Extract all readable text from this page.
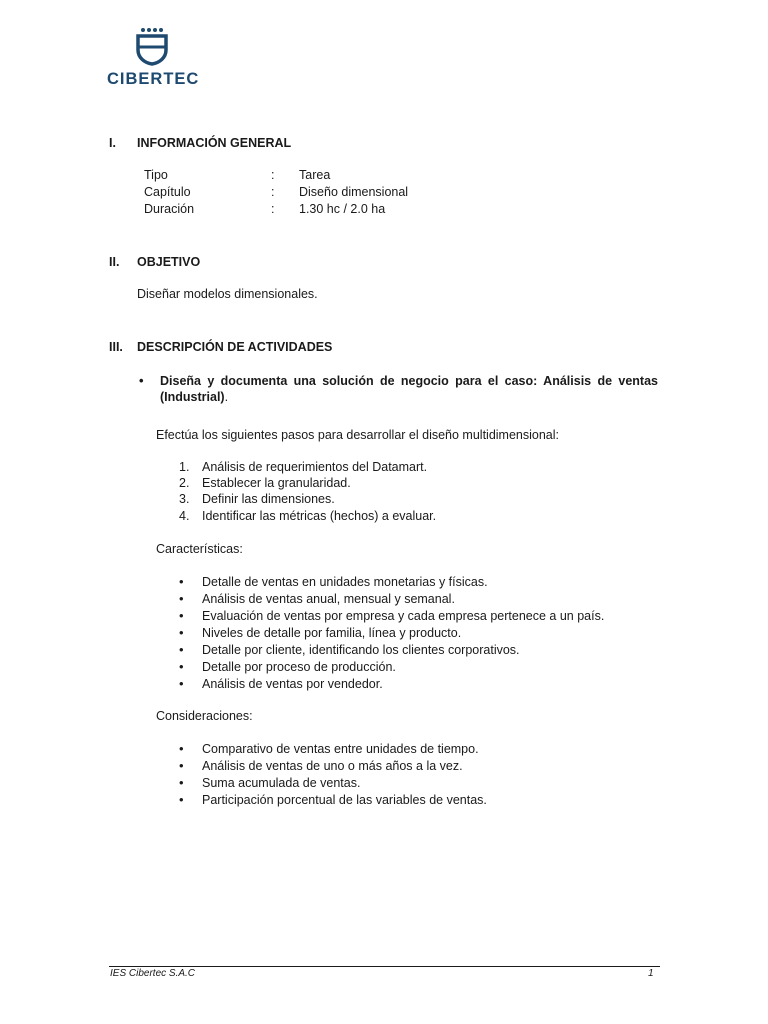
CIBERTEC
I. INFORMACIÓN GENERAL
Tipo	: Tarea
Capítulo	: Diseño dimensional
Duración	: 1.30 hc / 2.0 ha
II. OBJETIVO
Diseñar modelos dimensionales.
III. DESCRIPCIÓN DE ACTIVIDADES
• Diseña y documenta una solución de negocio para el caso: Análisis de ventas
(Industrial).
Efectúa los siguientes pasos para desarrollar el diseño multidimensional:
1. Análisis de requerimientos del Datamart.
2. Establecer la granularidad.
3. Definir las dimensiones.
4. Identificar las métricas (hechos) a evaluar.
Características:
• Detalle de ventas en unidades monetarias y físicas.
• Análisis de ventas anual, mensual y semanal.
• Evaluación de ventas por empresa y cada empresa pertenece a un país.
• Niveles de detalle por familia, línea y producto.
• Detalle por cliente, identificando los clientes corporativos.
• Detalle por proceso de producción.
• Análisis de ventas por vendedor.
Consideraciones:
• Comparativo de ventas entre unidades de tiempo.
• Análisis de ventas de uno o más años a la vez.
• Suma acumulada de ventas.
• Participación porcentual de las variables de ventas.
IES Cibertec S.A.C	1
